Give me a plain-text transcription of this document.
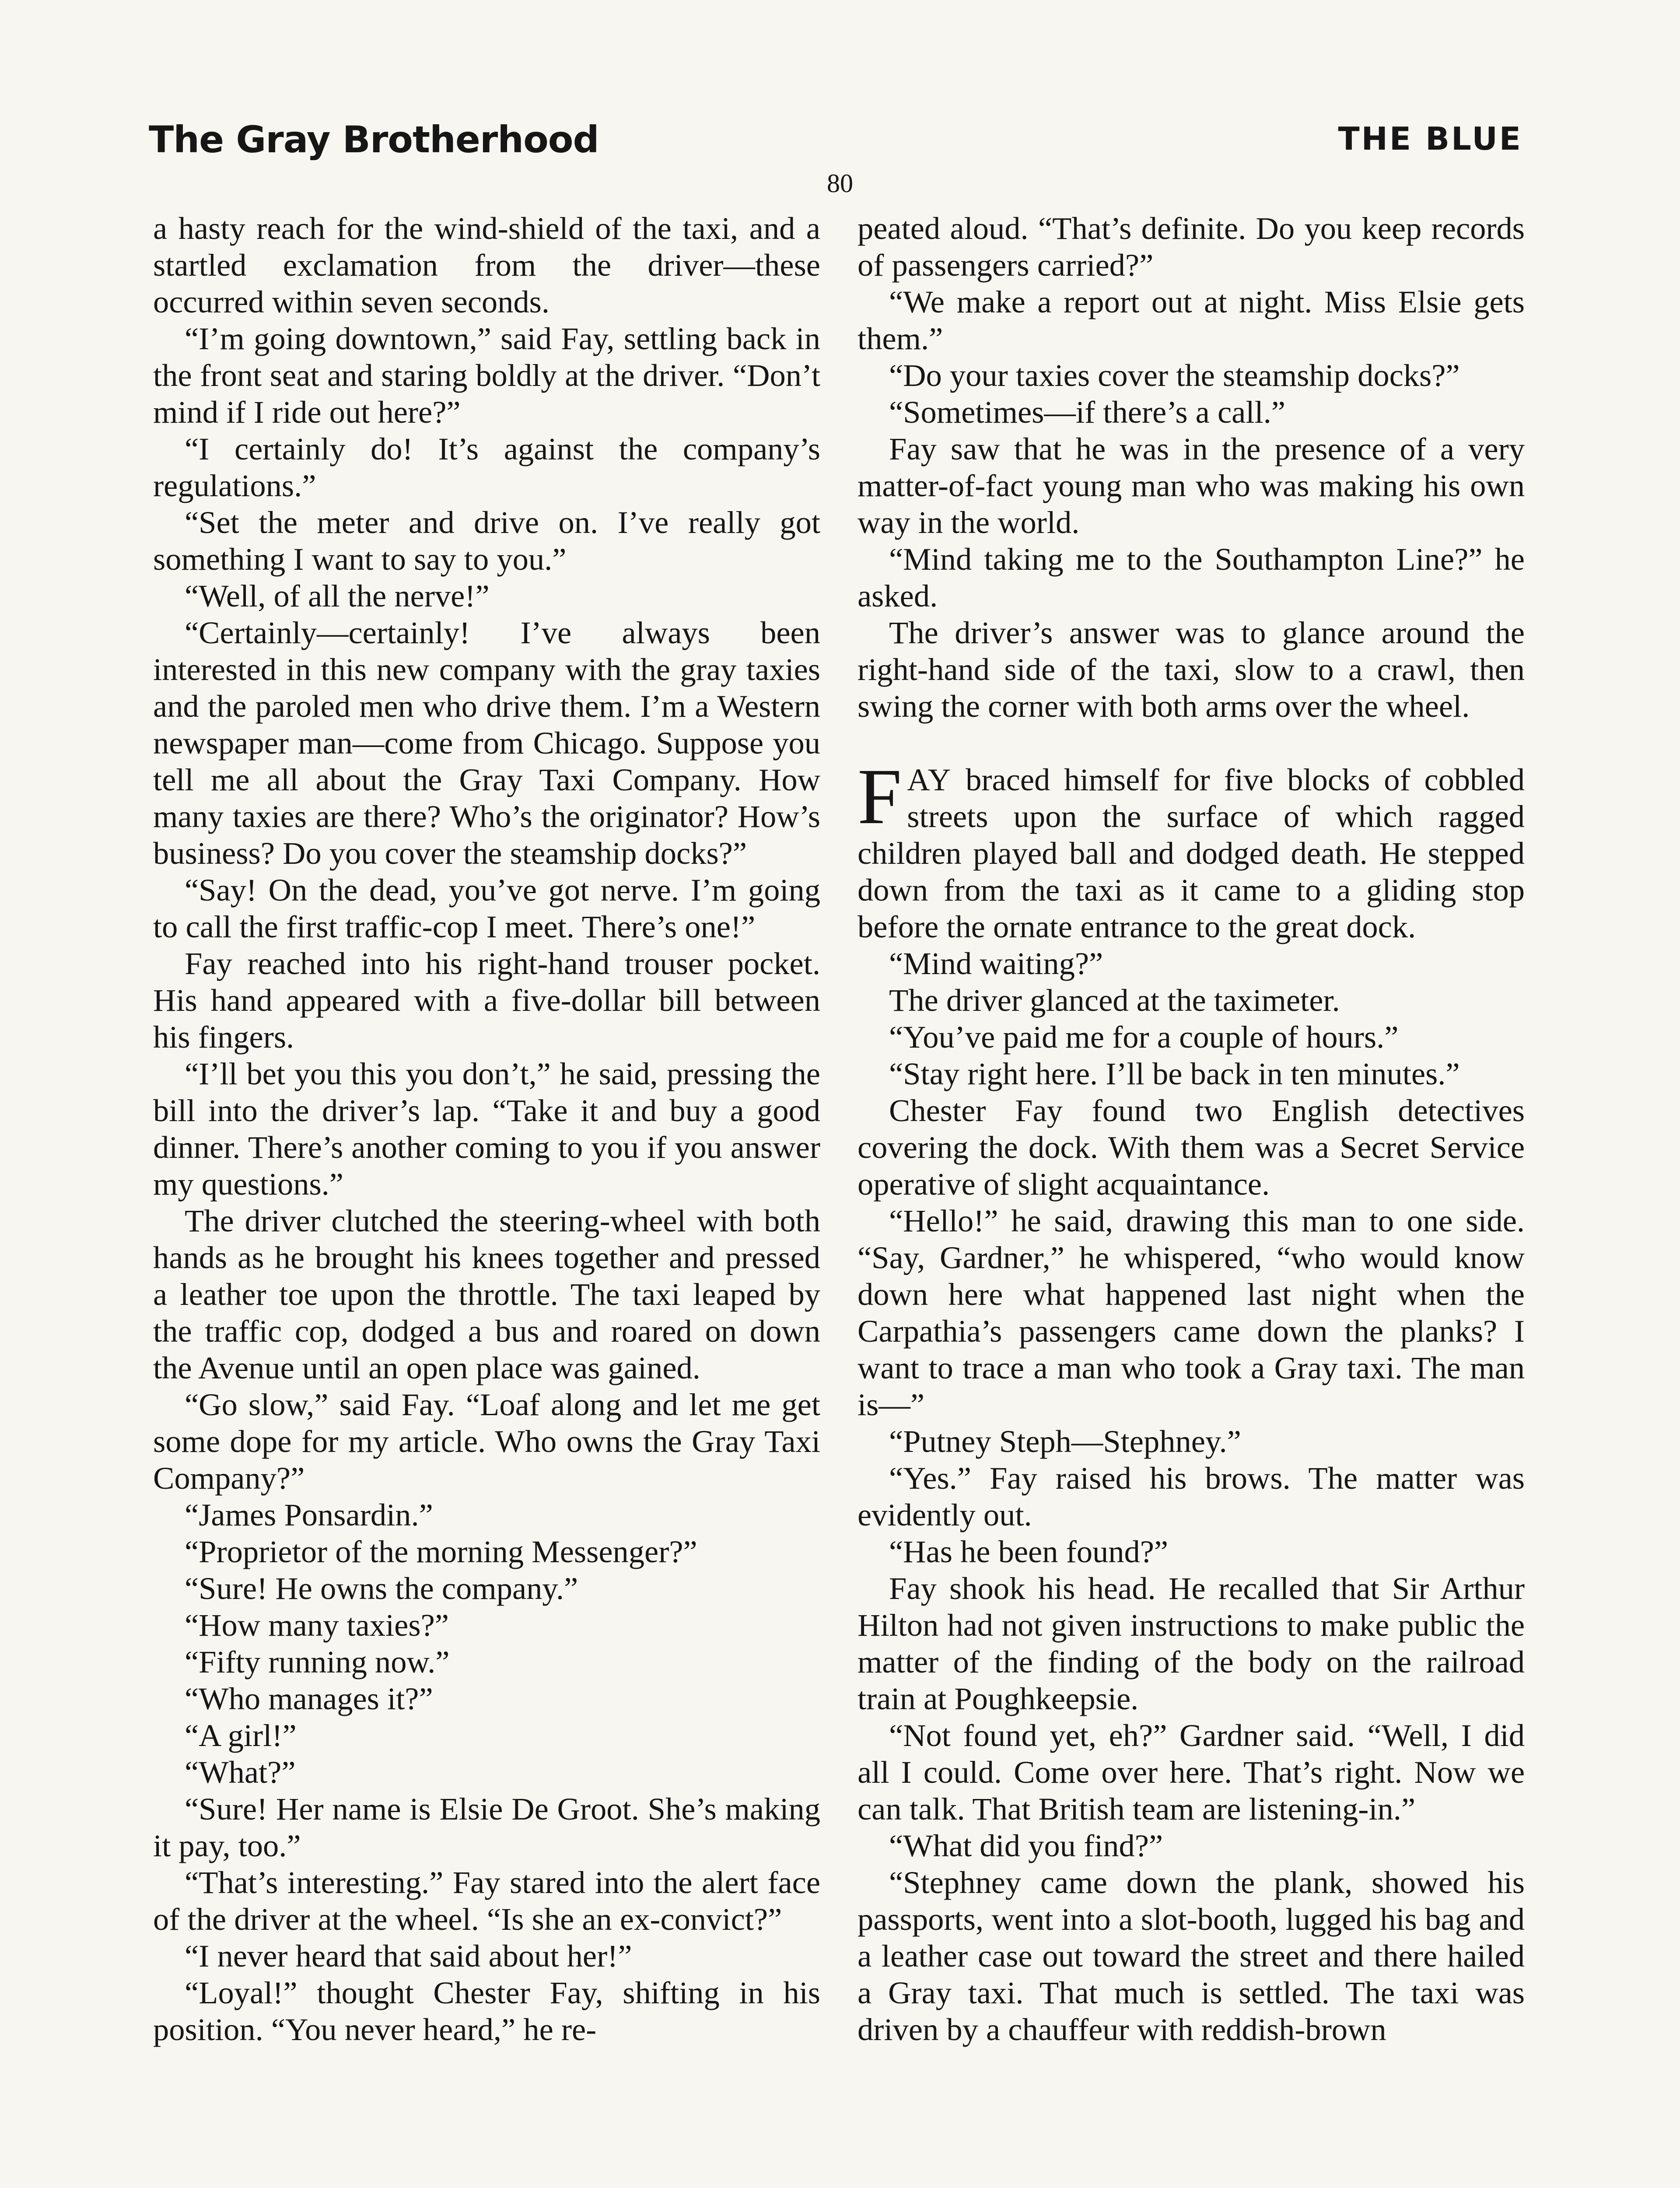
The Gray Brotherhood	THE BLUE
80

a hasty reach for the wind-shield of the taxi, and a startled exclamation from the driver—these occurred within seven seconds.

“I’m going downtown,” said Fay, settling back in the front seat and staring boldly at the driver. “Don’t mind if I ride out here?”

“I certainly do! It’s against the company’s regulations.”

“Set the meter and drive on. I’ve really got something I want to say to you.”

“Well, of all the nerve!”

“Certainly—certainly! I’ve always been interested in this new company with the gray taxies and the paroled men who drive them. I’m a Western newspaper man—come from Chicago. Suppose you tell me all about the Gray Taxi Company. How many taxies are there? Who’s the originator? How’s business? Do you cover the steamship docks?”

“Say! On the dead, you’ve got nerve. I’m going to call the first traffic-cop I meet. There’s one!”

Fay reached into his right-hand trouser pocket. His hand appeared with a five-dollar bill between his fingers.

“I’ll bet you this you don’t,” he said, pressing the bill into the driver’s lap. “Take it and buy a good dinner. There’s another coming to you if you answer my questions.”

The driver clutched the steering-wheel with both hands as he brought his knees together and pressed a leather toe upon the throttle. The taxi leaped by the traffic cop, dodged a bus and roared on down the Avenue until an open place was gained.

“Go slow,” said Fay. “Loaf along and let me get some dope for my article. Who owns the Gray Taxi Company?”

“James Ponsardin.”

“Proprietor of the morning Messenger?”

“Sure! He owns the company.”

“How many taxies?”

“Fifty running now.”

“Who manages it?”

“A girl!”

“What?”

“Sure! Her name is Elsie De Groot. She’s making it pay, too.”

“That’s interesting.” Fay stared into the alert face of the driver at the wheel. “Is she an ex-convict?”

“I never heard that said about her!”

“Loyal!” thought Chester Fay, shifting in his position. “You never heard,” he re-

peated aloud. “That’s definite. Do you keep records of passengers carried?”

“We make a report out at night. Miss Elsie gets them.”

“Do your taxies cover the steamship docks?”

“Sometimes—if there’s a call.”

Fay saw that he was in the presence of a very matter-of-fact young man who was making his own way in the world.

“Mind taking me to the Southampton Line?” he asked.

The driver’s answer was to glance around the right-hand side of the taxi, slow to a crawl, then swing the corner with both arms over the wheel.

FAY braced himself for five blocks of cobbled streets upon the surface of which ragged children played ball and dodged death. He stepped down from the taxi as it came to a gliding stop before the ornate entrance to the great dock.

“Mind waiting?”

The driver glanced at the taximeter.

“You’ve paid me for a couple of hours.”

“Stay right here. I’ll be back in ten minutes.”

Chester Fay found two English detectives covering the dock. With them was a Secret Service operative of slight acquaintance.

“Hello!” he said, drawing this man to one side. “Say, Gardner,” he whispered, “who would know down here what happened last night when the Carpathia’s passengers came down the planks? I want to trace a man who took a Gray taxi. The man is—”

“Putney Steph—Stephney.”

“Yes.” Fay raised his brows. The matter was evidently out.

“Has he been found?”

Fay shook his head. He recalled that Sir Arthur Hilton had not given instructions to make public the matter of the finding of the body on the railroad train at Poughkeepsie.

“Not found yet, eh?” Gardner said. “Well, I did all I could. Come over here. That’s right. Now we can talk. That British team are listening-in.”

“What did you find?”

“Stephney came down the plank, showed his passports, went into a slot-booth, lugged his bag and a leather case out toward the street and there hailed a Gray taxi. That much is settled. The taxi was driven by a chauffeur with reddish-brown
